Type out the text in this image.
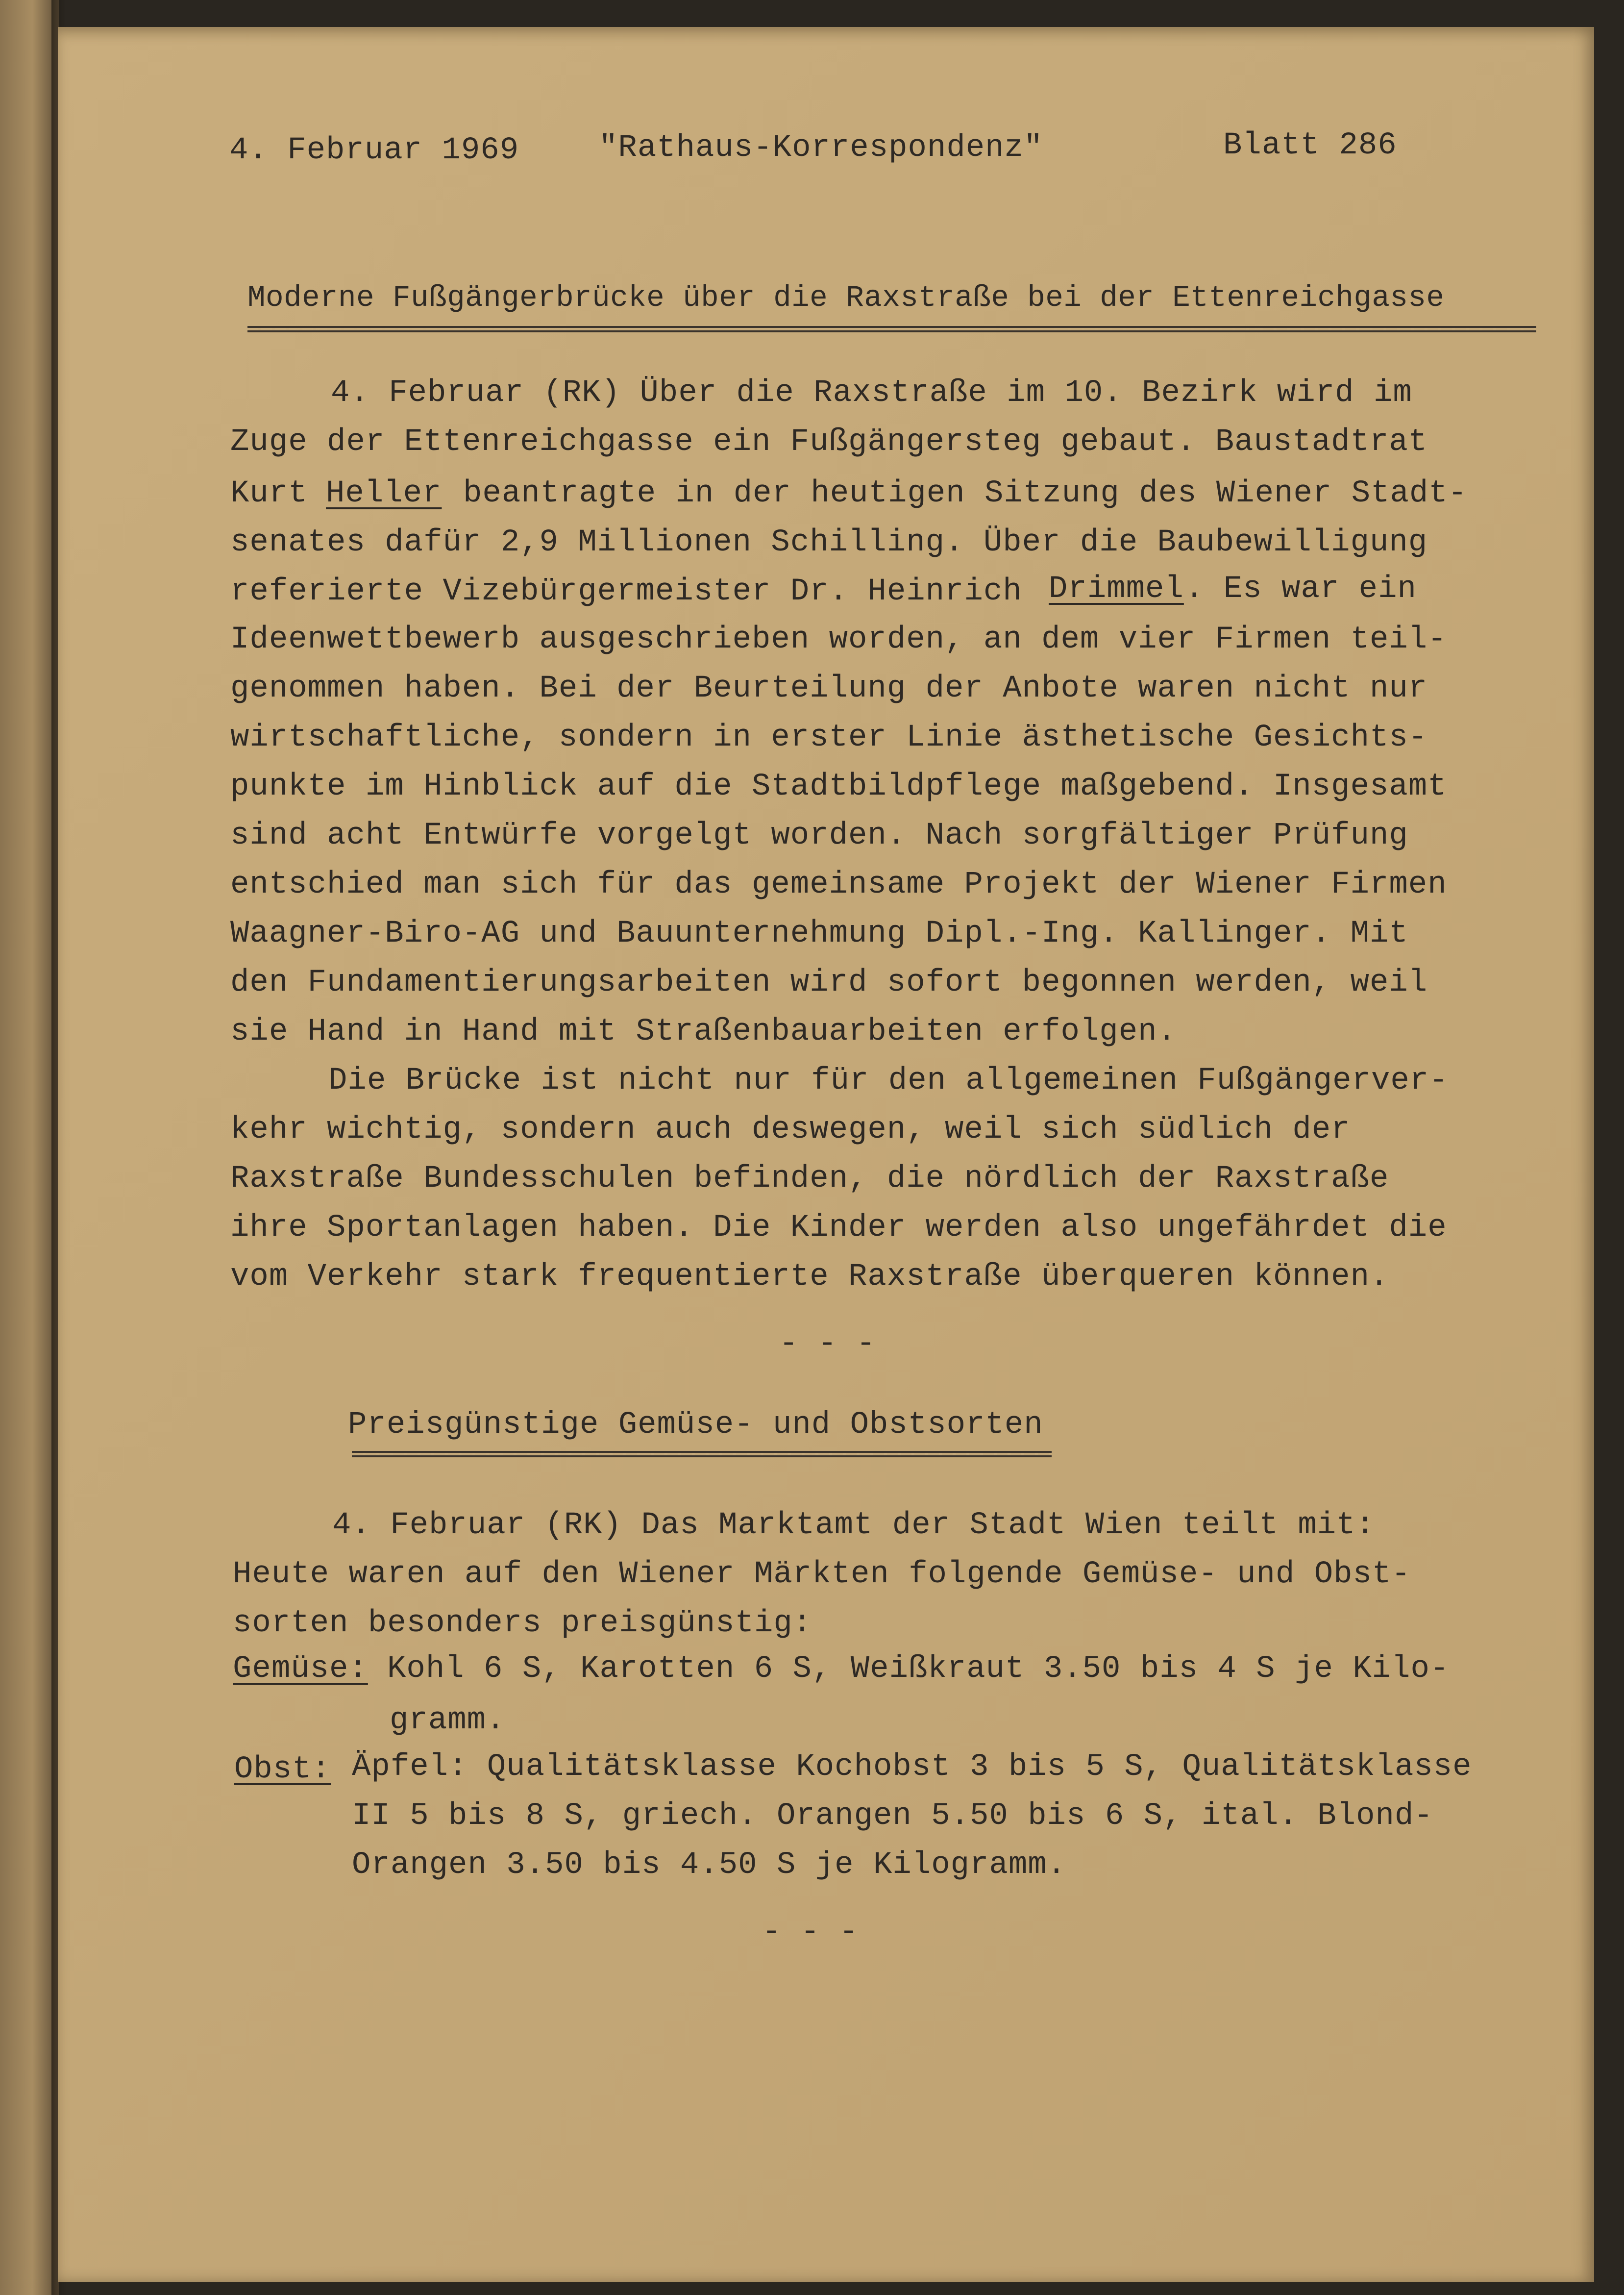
4. Februar 1969	"Rathaus-Korrespondenz"	Blatt 286
Moderne Fußgängerbrücke über die Raxstraße bei der Ettenreichgasse
4. Februar (RK) Über die Raxstraße im 10. Bezirk wird im
Zuge der Ettenreichgasse ein Fußgängersteg gebaut. Baustadtrat
Kurt Heller beantragte in der heutigen Sitzung des Wiener Stadt-
senates dafür 2,9 Millionen Schilling. Über die Baubewilligung
referierte Vizebürgermeister Dr. Heinrich Drimmel . Es war ein
Ideenwettbewerb ausgeschrieben worden, an dem vier Firmen teil-
genommen haben. Bei der Beurteilung der Anbote waren nicht nur
wirtschaftliche, sondern in erster Linie ästhetische Gesichts-
punkte im Hinblick auf die Stadtbildpflege maßgebend. Insgesamt
sind acht Entwürfe vorgelgt worden. Nach sorgfältiger Prüfung
entschied man sich für das gemeinsame Projekt der Wiener Firmen
Waagner-Biro-AG und Bauunternehmung Dipl.-Ing. Kallinger. Mit
den Fundamentierungsarbeiten wird sofort begonnen werden, weil
sie Hand in Hand mit Straßenbauarbeiten erfolgen.
Die Brücke ist nicht nur für den allgemeinen Fußgängerver-
kehr wichtig, sondern auch deswegen, weil sich südlich der
Raxstraße Bundesschulen befinden, die nördlich der Raxstraße
ihre Sportanlagen haben. Die Kinder werden also ungefährdet die
vom Verkehr stark frequentierte Raxstraße überqueren können.
- - -
Preisgünstige Gemüse- und Obstsorten
4. Februar (RK) Das Marktamt der Stadt Wien teilt mit:
Heute waren auf den Wiener Märkten folgende Gemüse- und Obst-
sorten besonders preisgünstig:
Gemüse: Kohl 6 S, Karotten 6 S, Weißkraut 3.50 bis 4 S je Kilo-
gramm.
Obst: Äpfel: Qualitätsklasse Kochobst 3 bis 5 S, Qualitätsklasse
II 5 bis 8 S, griech. Orangen 5.50 bis 6 S, ital. Blond-
Orangen 3.50 bis 4.50 S je Kilogramm.
- - -
